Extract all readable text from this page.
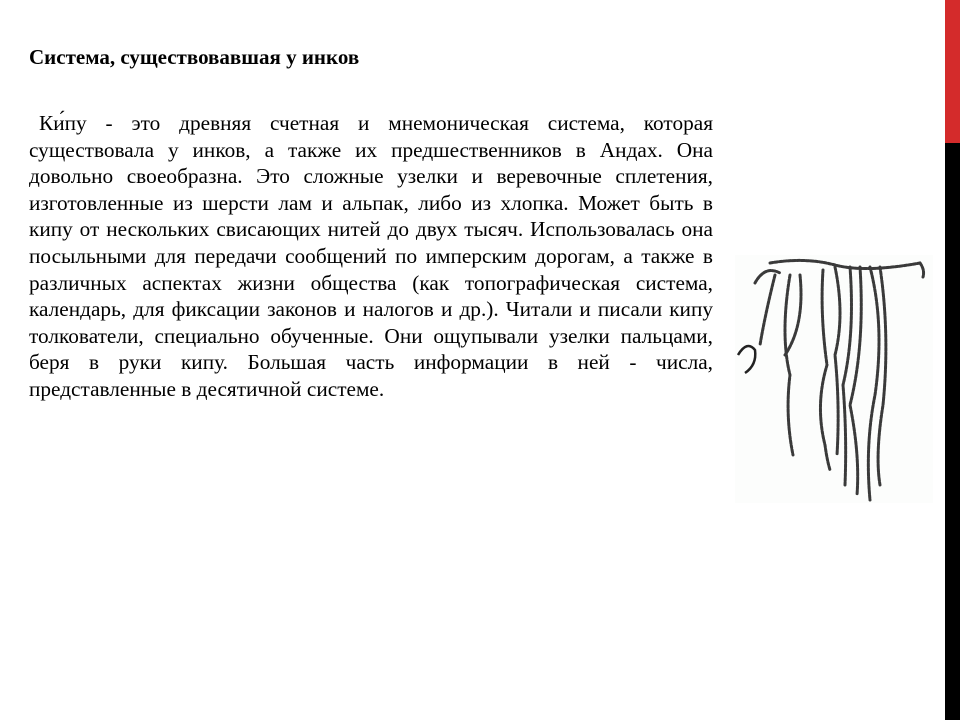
Система, существовавшая у инков
Ки́пу - это древняя счетная и мнемоническая система, которая существовала у инков, а также их предшественников в Андах. Она довольно своеобразна. Это сложные узелки и веревочные сплетения, изготовленные из шерсти лам и альпак, либо из хлопка. Может быть в кипу от нескольких свисающих нитей до двух тысяч. Использовалась она посыльными для передачи сообщений по имперским дорогам, а также в различных аспектах жизни общества (как топографическая система, календарь, для фиксации законов и налогов и др.). Читали и писали кипу толкователи, специально обученные. Они ощупывали узелки пальцами, беря в руки кипу. Большая часть информации в ней - числа, представленные в десятичной системе.
